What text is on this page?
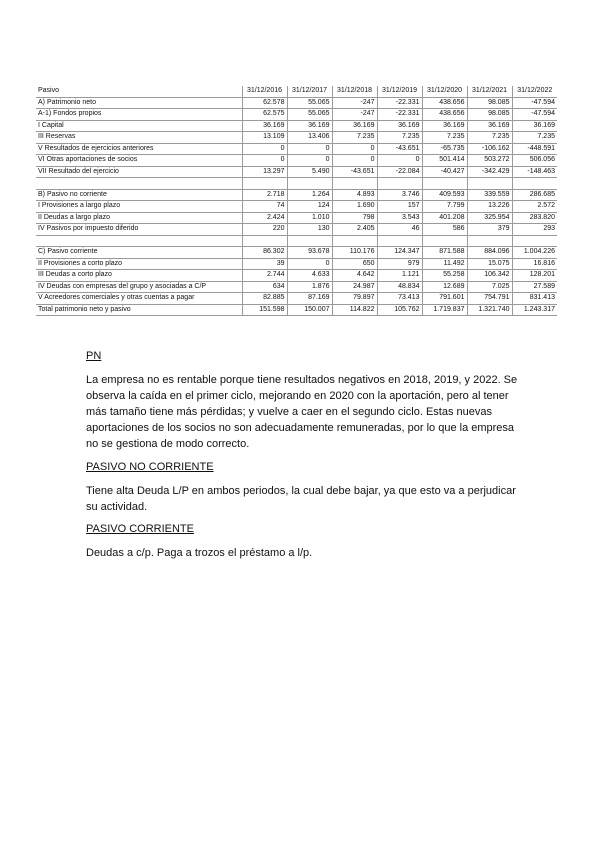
Pasivo	31/12/2016	31/12/2017	31/12/2018	31/12/2019	31/12/2020	31/12/2021	31/12/2022
A) Patrimonio neto	62.578	55.065	-247	-22.331	438.656	98.085	-47.594
A-1) Fondos propios	62.575	55.065	-247	-22.331	438.656	98.085	-47.594
I Capital	36.169	36.169	36.169	36.169	36.169	36.169	36.169
III Reservas	13.109	13.406	7.235	7.235	7.235	7.235	7.235
V Resultados de ejercicios anteriores	0	0	0	-43.651	-65.735	-106.162	-448.591
VI Otras aportaciones de socios	0	0	0	0	501.414	503.272	506.056
VII Resultado del ejercicio	13.297	5.490	-43.651	-22.084	-40.427	-342.429	-148.463

B) Pasivo no corriente	2.718	1.264	4.893	3.746	409.593	339.559	286.685
I Provisiones a largo plazo	74	124	1.690	157	7.799	13.226	2.572
II Deudas a largo plazo	2.424	1.010	798	3.543	401.208	325.954	283.820
IV Pasivos por impuesto diferido	220	130	2.405	46	586	379	293

C) Pasivo corriente	86.302	93.678	110.176	124.347	871.588	884.096	1.004.226
II Provisiones a corto plazo	39	0	650	979	11.492	15.075	16.816
III Deudas a corto plazo	2.744	4.633	4.642	1.121	55.258	106.342	128.201
IV Deudas con empresas del grupo y asociadas a C/P	634	1.876	24.987	48.834	12.689	7.025	27.589
V Acreedores comerciales y otras cuentas a pagar	82.885	87.169	79.897	73.413	791.601	754.791	831.413
Total patrimonio neto y pasivo	151.598	150.007	114.822	105.762	1.719.837	1.321.740	1.243.317
PN
La empresa no es rentable porque tiene resultados negativos en 2018, 2019, y 2022. Se observa la caída en el primer ciclo, mejorando en 2020 con la aportación, pero al tener más tamaño tiene más pérdidas; y vuelve a caer en el segundo ciclo. Estas nuevas aportaciones de los socios no son adecuadamente remuneradas, por lo que la empresa no se gestiona de modo correcto.
PASIVO NO CORRIENTE
Tiene alta Deuda L/P en ambos periodos, la cual debe bajar, ya que esto va a perjudicar su actividad.
PASIVO CORRIENTE
Deudas a c/p. Paga a trozos el préstamo a l/p.
